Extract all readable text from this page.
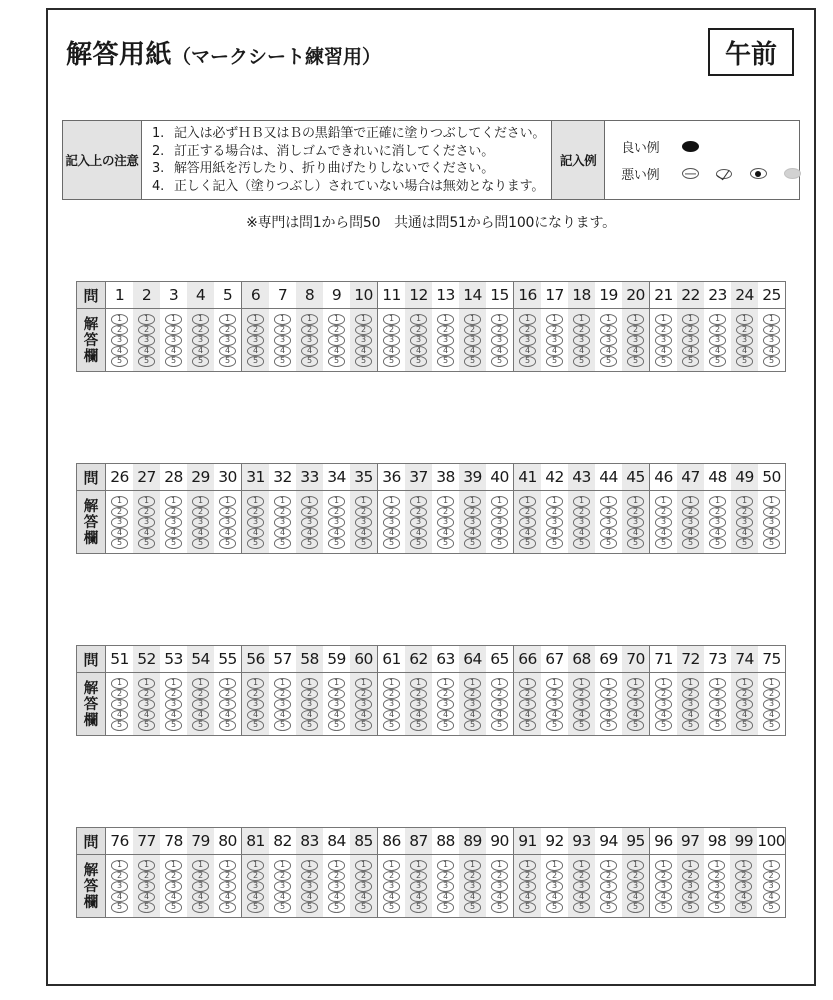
解答用紙（マークシート練習用）	午前
記入上の注意
1. 記入は必ずＨＢ又はＢの黒鉛筆で正確に塗りつぶしてください。
2. 訂正する場合は、消しゴムできれいに消してください。
3. 解答用紙を汚したり、折り曲げたりしないでください。
4. 正しく記入（塗りつぶし）されていない場合は無効となります。
記入例
良い例
悪い例
※専門は問1から問50　共通は問51から問100になります。
問
解
答
欄
1
1
2
3
4
5
2
1
2
3
4
5
3
1
2
3
4
5
4
1
2
3
4
5
5
1
2
3
4
5
6
1
2
3
4
5
7
1
2
3
4
5
8
1
2
3
4
5
9
1
2
3
4
5
10
1
2
3
4
5
11
1
2
3
4
5
12
1
2
3
4
5
13
1
2
3
4
5
14
1
2
3
4
5
15
1
2
3
4
5
16
1
2
3
4
5
17
1
2
3
4
5
18
1
2
3
4
5
19
1
2
3
4
5
20
1
2
3
4
5
21
1
2
3
4
5
22
1
2
3
4
5
23
1
2
3
4
5
24
1
2
3
4
5
25
1
2
3
4
5
問
解
答
欄
26
1
2
3
4
5
27
1
2
3
4
5
28
1
2
3
4
5
29
1
2
3
4
5
30
1
2
3
4
5
31
1
2
3
4
5
32
1
2
3
4
5
33
1
2
3
4
5
34
1
2
3
4
5
35
1
2
3
4
5
36
1
2
3
4
5
37
1
2
3
4
5
38
1
2
3
4
5
39
1
2
3
4
5
40
1
2
3
4
5
41
1
2
3
4
5
42
1
2
3
4
5
43
1
2
3
4
5
44
1
2
3
4
5
45
1
2
3
4
5
46
1
2
3
4
5
47
1
2
3
4
5
48
1
2
3
4
5
49
1
2
3
4
5
50
1
2
3
4
5
問
解
答
欄
51
1
2
3
4
5
52
1
2
3
4
5
53
1
2
3
4
5
54
1
2
3
4
5
55
1
2
3
4
5
56
1
2
3
4
5
57
1
2
3
4
5
58
1
2
3
4
5
59
1
2
3
4
5
60
1
2
3
4
5
61
1
2
3
4
5
62
1
2
3
4
5
63
1
2
3
4
5
64
1
2
3
4
5
65
1
2
3
4
5
66
1
2
3
4
5
67
1
2
3
4
5
68
1
2
3
4
5
69
1
2
3
4
5
70
1
2
3
4
5
71
1
2
3
4
5
72
1
2
3
4
5
73
1
2
3
4
5
74
1
2
3
4
5
75
1
2
3
4
5
問
解
答
欄
76
1
2
3
4
5
77
1
2
3
4
5
78
1
2
3
4
5
79
1
2
3
4
5
80
1
2
3
4
5
81
1
2
3
4
5
82
1
2
3
4
5
83
1
2
3
4
5
84
1
2
3
4
5
85
1
2
3
4
5
86
1
2
3
4
5
87
1
2
3
4
5
88
1
2
3
4
5
89
1
2
3
4
5
90
1
2
3
4
5
91
1
2
3
4
5
92
1
2
3
4
5
93
1
2
3
4
5
94
1
2
3
4
5
95
1
2
3
4
5
96
1
2
3
4
5
97
1
2
3
4
5
98
1
2
3
4
5
99
1
2
3
4
5
100
1
2
3
4
5
